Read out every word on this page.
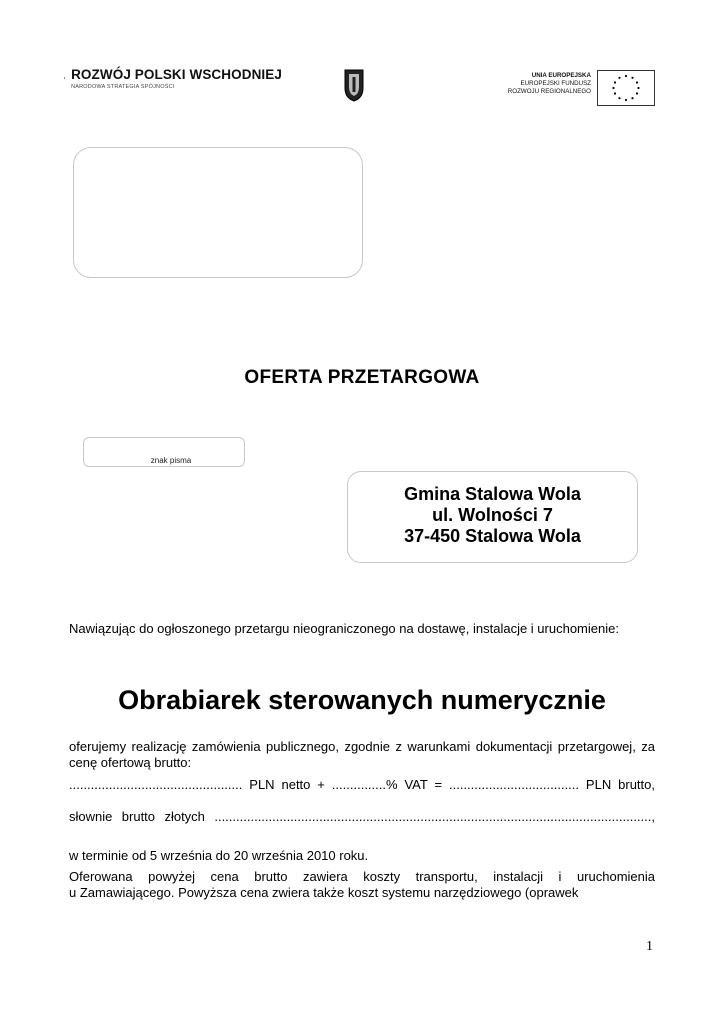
ROZWÓJ POLSKI WSCHODNIEJ
NARODOWA STRATEGIA SPÓJNOŚCI
UNIA EUROPEJSKA
EUROPEJSKI FUNDUSZ
ROZWOJU REGIONALNEGO
OFERTA PRZETARGOWA
znak pisma
Gmina Stalowa Wola
ul. Wolności 7
37-450 Stalowa Wola
Nawiązując do ogłoszonego przetargu nieograniczonego na dostawę, instalacje i uruchomienie:
Obrabiarek sterowanych numerycznie
oferujemy realizację zamówienia publicznego, zgodnie z warunkami dokumentacji przetargowej, za
cenę ofertową brutto:
................................................ PLN netto + ...............% VAT = .................................... PLN brutto,
słownie brutto złotych .........................................................................................................................,
w terminie od 5 września do 20 września 2010 roku.
Oferowana powyżej cena brutto zawiera koszty transportu, instalacji i uruchomienia
u Zamawiającego. Powyższa cena zwiera także koszt systemu narzędziowego (oprawek
1
